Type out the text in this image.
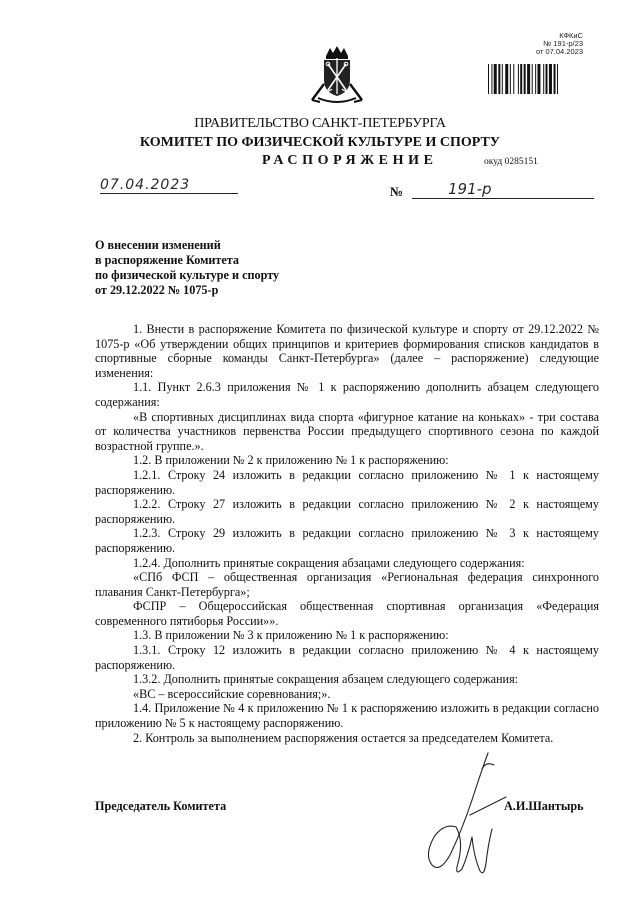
КФКиС
№ 191-р/23
от 07.04.2023
ПРАВИТЕЛЬСТВО САНКТ-ПЕТЕРБУРГА
КОМИТЕТ ПО ФИЗИЧЕСКОЙ КУЛЬТУРЕ И СПОРТУ
РАСПОРЯЖЕНИЕ	окуд 0285151
07.04.2023	№	191-р
О внесении изменений
в распоряжение Комитета
по физической культуре и спорту
от 29.12.2022 № 1075-р

1. Внести в распоряжение Комитета по физической культуре и спорту от 29.12.2022 № 1075-р «Об утверждении общих принципов и критериев формирования списков кандидатов в спортивные сборные команды Санкт-Петербурга» (далее – распоряжение) следующие изменения:

1.1. Пункт 2.6.3 приложения № 1 к распоряжению дополнить абзацем следующего содержания:

«В спортивных дисциплинах вида спорта «фигурное катание на коньках» - три состава от количества участников первенства России предыдущего спортивного сезона по каждой возрастной группе.».

1.2. В приложении № 2 к приложению № 1 к распоряжению:

1.2.1. Строку 24 изложить в редакции согласно приложению № 1 к настоящему распоряжению.

1.2.2. Строку 27 изложить в редакции согласно приложению № 2 к настоящему распоряжению.

1.2.3. Строку 29 изложить в редакции согласно приложению № 3 к настоящему распоряжению.

1.2.4. Дополнить принятые сокращения абзацами следующего содержания:

«СПб ФСП – общественная организация «Региональная федерация синхронного плавания Санкт-Петербурга»;

ФСПР – Общероссийская общественная спортивная организация «Федерация современного пятиборья России»».

1.3. В приложении № 3 к приложению № 1 к распоряжению:

1.3.1. Строку 12 изложить в редакции согласно приложению № 4 к настоящему распоряжению.

1.3.2. Дополнить принятые сокращения абзацем следующего содержания:

«ВС – всероссийские соревнования;».

1.4. Приложение № 4 к приложению № 1 к распоряжению изложить в редакции согласно приложению № 5 к настоящему распоряжению.

2. Контроль за выполнением распоряжения остается за председателем Комитета.

Председатель Комитета	А.И.Шантырь
